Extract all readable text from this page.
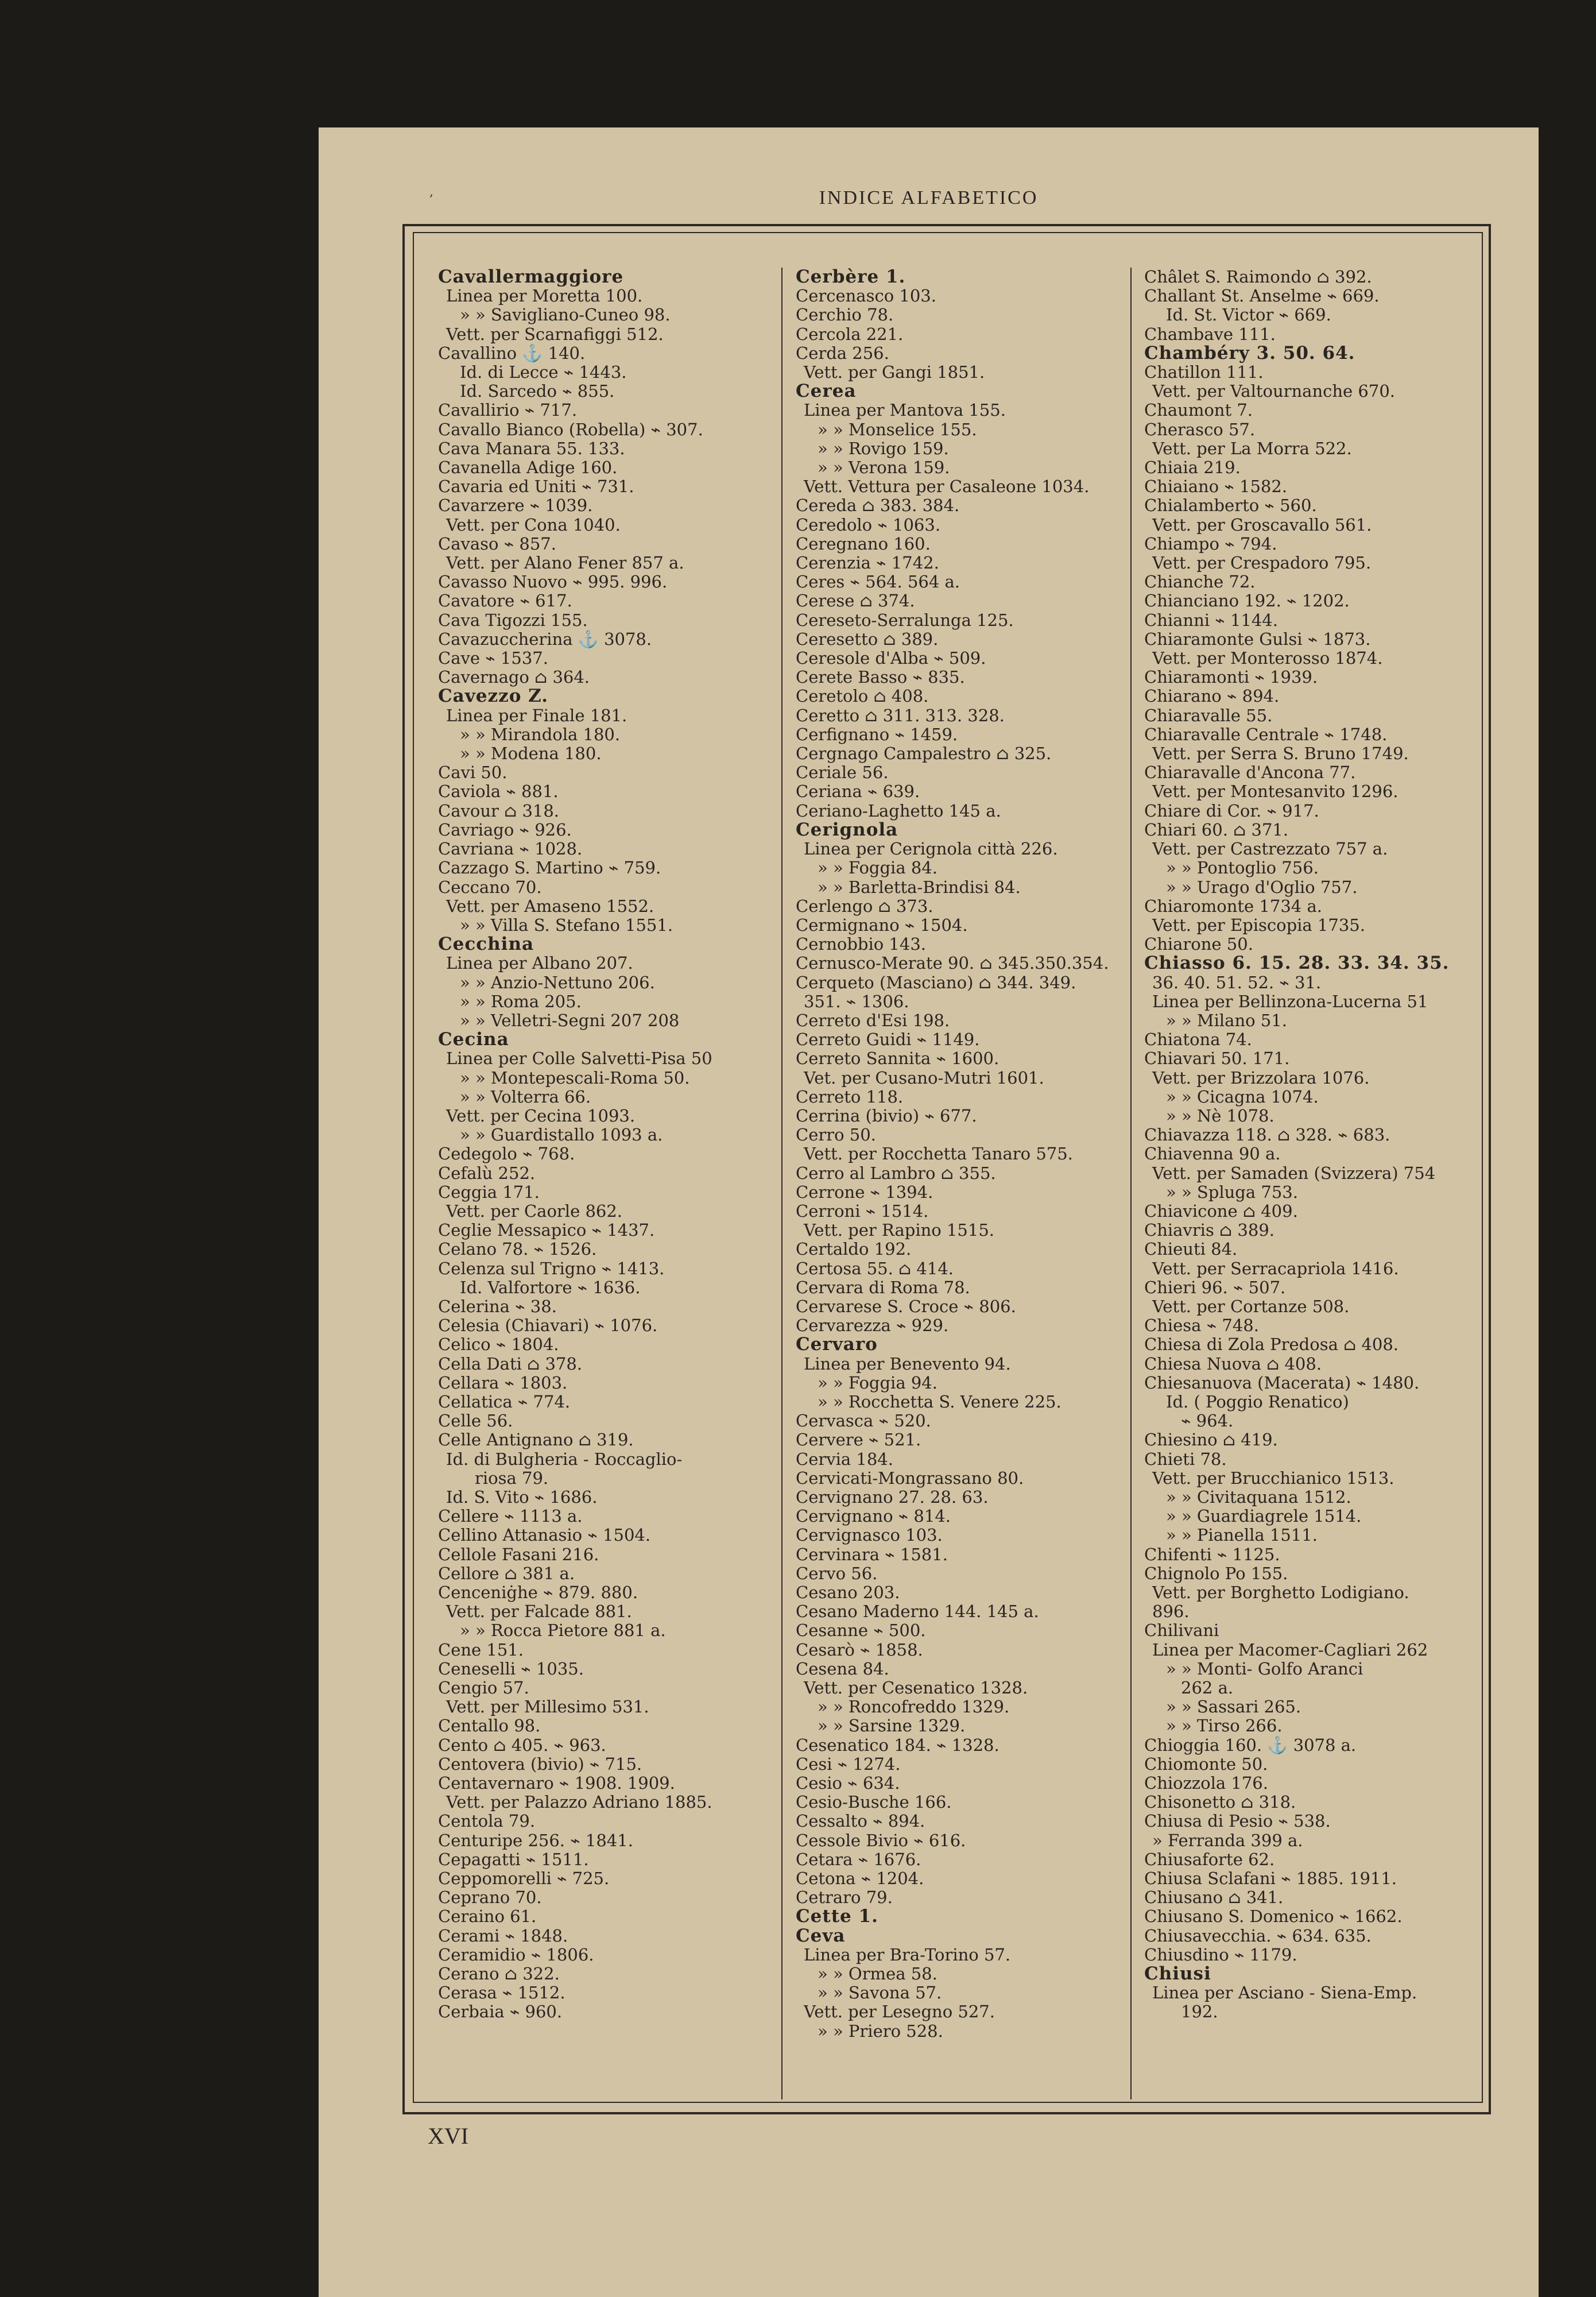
,	INDICE ALFABETICO
Cavallermaggiore
Linea per Moretta 100.
» » Savigliano-Cuneo 98.
Vett. per Scarnafiggi 512.
Cavallino ⚓ 140.
Id. di Lecce ⌁ 1443.
Id. Sarcedo ⌁ 855.
Cavallirio ⌁ 717.
Cavallo Bianco (Robella) ⌁ 307.
Cava Manara 55. 133.
Cavanella Adige 160.
Cavaria ed Uniti ⌁ 731.
Cavarzere ⌁ 1039.
Vett. per Cona 1040.
Cavaso ⌁ 857.
Vett. per Alano Fener 857 a.
Cavasso Nuovo ⌁ 995. 996.
Cavatore ⌁ 617.
Cava Tigozzi 155.
Cavazuccherina ⚓ 3078.
Cave ⌁ 1537.
Cavernago ⌂ 364.
Cavezzo Z.
Linea per Finale 181.
» » Mirandola 180.
» » Modena 180.
Cavi 50.
Caviola ⌁ 881.
Cavour ⌂ 318.
Cavriago ⌁ 926.
Cavriana ⌁ 1028.
Cazzago S. Martino ⌁ 759.
Ceccano 70.
Vett. per Amaseno 1552.
» » Villa S. Stefano 1551.
Cecchina
Linea per Albano 207.
» » Anzio-Nettuno 206.
» » Roma 205.
» » Velletri-Segni 207 208
Cecina
Linea per Colle Salvetti-Pisa 50
» » Montepescali-Roma 50.
» » Volterra 66.
Vett. per Cecina 1093.
» » Guardistallo 1093 a.
Cedegolo ⌁ 768.
Cefalù 252.
Ceggia 171.
Vett. per Caorle 862.
Ceglie Messapico ⌁ 1437.
Celano 78. ⌁ 1526.
Celenza sul Trigno ⌁ 1413.
Id. Valfortore ⌁ 1636.
Celerina ⌁ 38.
Celesia (Chiavari) ⌁ 1076.
Celico ⌁ 1804.
Cella Dati ⌂ 378.
Cellara ⌁ 1803.
Cellatica ⌁ 774.
Celle 56.
Celle Antignano ⌂ 319.
Id. di Bulgheria - Roccaglio-
riosa 79.
Id. S. Vito ⌁ 1686.
Cellere ⌁ 1113 a.
Cellino Attanasio ⌁ 1504.
Cellole Fasani 216.
Cellore ⌂ 381 a.
Cenceniġhe ⌁ 879. 880.
Vett. per Falcade 881.
» » Rocca Pietore 881 a.
Cene 151.
Ceneselli ⌁ 1035.
Cengio 57.
Vett. per Millesimo 531.
Centallo 98.
Cento ⌂ 405. ⌁ 963.
Centovera (bivio) ⌁ 715.
Centavernaro ⌁ 1908. 1909.
Vett. per Palazzo Adriano 1885.
Centola 79.
Centuripe 256. ⌁ 1841.
Cepagatti ⌁ 1511.
Ceppomorelli ⌁ 725.
Ceprano 70.
Ceraino 61.
Cerami ⌁ 1848.
Ceramidio ⌁ 1806.
Cerano ⌂ 322.
Cerasa ⌁ 1512.
Cerbaia ⌁ 960.
Cerbère 1.
Cercenasco 103.
Cerchio 78.
Cercola 221.
Cerda 256.
Vett. per Gangi 1851.
Cerea
Linea per Mantova 155.
» » Monselice 155.
» » Rovigo 159.
» » Verona 159.
Vett. Vettura per Casaleone 1034.
Cereda ⌂ 383. 384.
Ceredolo ⌁ 1063.
Ceregnano 160.
Cerenzia ⌁ 1742.
Ceres ⌁ 564. 564 a.
Cerese ⌂ 374.
Cereseto-Serralunga 125.
Ceresetto ⌂ 389.
Ceresole d'Alba ⌁ 509.
Cerete Basso ⌁ 835.
Ceretolo ⌂ 408.
Ceretto ⌂ 311. 313. 328.
Cerfignano ⌁ 1459.
Cergnago Campalestro ⌂ 325.
Ceriale 56.
Ceriana ⌁ 639.
Ceriano-Laghetto 145 a.
Cerignola
Linea per Cerignola città 226.
» » Foggia 84.
» » Barletta-Brindisi 84.
Cerlengo ⌂ 373.
Cermignano ⌁ 1504.
Cernobbio 143.
Cernusco-Merate 90. ⌂ 345.350.354.
Cerqueto (Masciano) ⌂ 344. 349.
351. ⌁ 1306.
Cerreto d'Esi 198.
Cerreto Guidi ⌁ 1149.
Cerreto Sannita ⌁ 1600.
Vet. per Cusano-Mutri 1601.
Cerreto 118.
Cerrina (bivio) ⌁ 677.
Cerro 50.
Vett. per Rocchetta Tanaro 575.
Cerro al Lambro ⌂ 355.
Cerrone ⌁ 1394.
Cerroni ⌁ 1514.
Vett. per Rapino 1515.
Certaldo 192.
Certosa 55. ⌂ 414.
Cervara di Roma 78.
Cervarese S. Croce ⌁ 806.
Cervarezza ⌁ 929.
Cervaro
Linea per Benevento 94.
» » Foggia 94.
» » Rocchetta S. Venere 225.
Cervasca ⌁ 520.
Cervere ⌁ 521.
Cervia 184.
Cervicati-Mongrassano 80.
Cervignano 27. 28. 63.
Cervignano ⌁ 814.
Cervignasco 103.
Cervinara ⌁ 1581.
Cervo 56.
Cesano 203.
Cesano Maderno 144. 145 a.
Cesanne ⌁ 500.
Cesarò ⌁ 1858.
Cesena 84.
Vett. per Cesenatico 1328.
» » Roncofreddo 1329.
» » Sarsine 1329.
Cesenatico 184. ⌁ 1328.
Cesi ⌁ 1274.
Cesio ⌁ 634.
Cesio-Busche 166.
Cessalto ⌁ 894.
Cessole Bivio ⌁ 616.
Cetara ⌁ 1676.
Cetona ⌁ 1204.
Cetraro 79.
Cette 1.
Ceva
Linea per Bra-Torino 57.
» » Ormea 58.
» » Savona 57.
Vett. per Lesegno 527.
» » Priero 528.
Châlet S. Raimondo ⌂ 392.
Challant St. Anselme ⌁ 669.
Id. St. Victor ⌁ 669.
Chambave 111.
Chambéry 3. 50. 64.
Chatillon 111.
Vett. per Valtournanche 670.
Chaumont 7.
Cherasco 57.
Vett. per La Morra 522.
Chiaia 219.
Chiaiano ⌁ 1582.
Chialamberto ⌁ 560.
Vett. per Groscavallo 561.
Chiampo ⌁ 794.
Vett. per Crespadoro 795.
Chianche 72.
Chianciano 192. ⌁ 1202.
Chianni ⌁ 1144.
Chiaramonte Gulsi ⌁ 1873.
Vett. per Monterosso 1874.
Chiaramonti ⌁ 1939.
Chiarano ⌁ 894.
Chiaravalle 55.
Chiaravalle Centrale ⌁ 1748.
Vett. per Serra S. Bruno 1749.
Chiaravalle d'Ancona 77.
Vett. per Montesanvito 1296.
Chiare di Cor. ⌁ 917.
Chiari 60. ⌂ 371.
Vett. per Castrezzato 757 a.
» » Pontoglio 756.
» » Urago d'Oglio 757.
Chiaromonte 1734 a.
Vett. per Episcopia 1735.
Chiarone 50.
Chiasso 6. 15. 28. 33. 34. 35.
36. 40. 51. 52. ⌁ 31.
Linea per Bellinzona-Lucerna 51
» » Milano 51.
Chiatona 74.
Chiavari 50. 171.
Vett. per Brizzolara 1076.
» » Cicagna 1074.
» » Nè 1078.
Chiavazza 118. ⌂ 328. ⌁ 683.
Chiavenna 90 a.
Vett. per Samaden (Svizzera) 754
» » Spluga 753.
Chiavicone ⌂ 409.
Chiavris ⌂ 389.
Chieuti 84.
Vett. per Serracapriola 1416.
Chieri 96. ⌁ 507.
Vett. per Cortanze 508.
Chiesa ⌁ 748.
Chiesa di Zola Predosa ⌂ 408.
Chiesa Nuova ⌂ 408.
Chiesanuova (Macerata) ⌁ 1480.
Id. ( Poggio Renatico)
⌁ 964.
Chiesino ⌂ 419.
Chieti 78.
Vett. per Brucchianico 1513.
» » Civitaquana 1512.
» » Guardiagrele 1514.
» » Pianella 1511.
Chifenti ⌁ 1125.
Chignolo Po 155.
Vett. per Borghetto Lodigiano.
896.
Chilivani
Linea per Macomer-Cagliari 262
» » Monti- Golfo Aranci
262 a.
» » Sassari 265.
» » Tirso 266.
Chioggia 160. ⚓ 3078 a.
Chiomonte 50.
Chiozzola 176.
Chisonetto ⌂ 318.
Chiusa di Pesio ⌁ 538.
» Ferranda 399 a.
Chiusaforte 62.
Chiusa Sclafani ⌁ 1885. 1911.
Chiusano ⌂ 341.
Chiusano S. Domenico ⌁ 1662.
Chiusavecchia. ⌁ 634. 635.
Chiusdino ⌁ 1179.
Chiusi
Linea per Asciano - Siena-Emp.
192.
XVI
